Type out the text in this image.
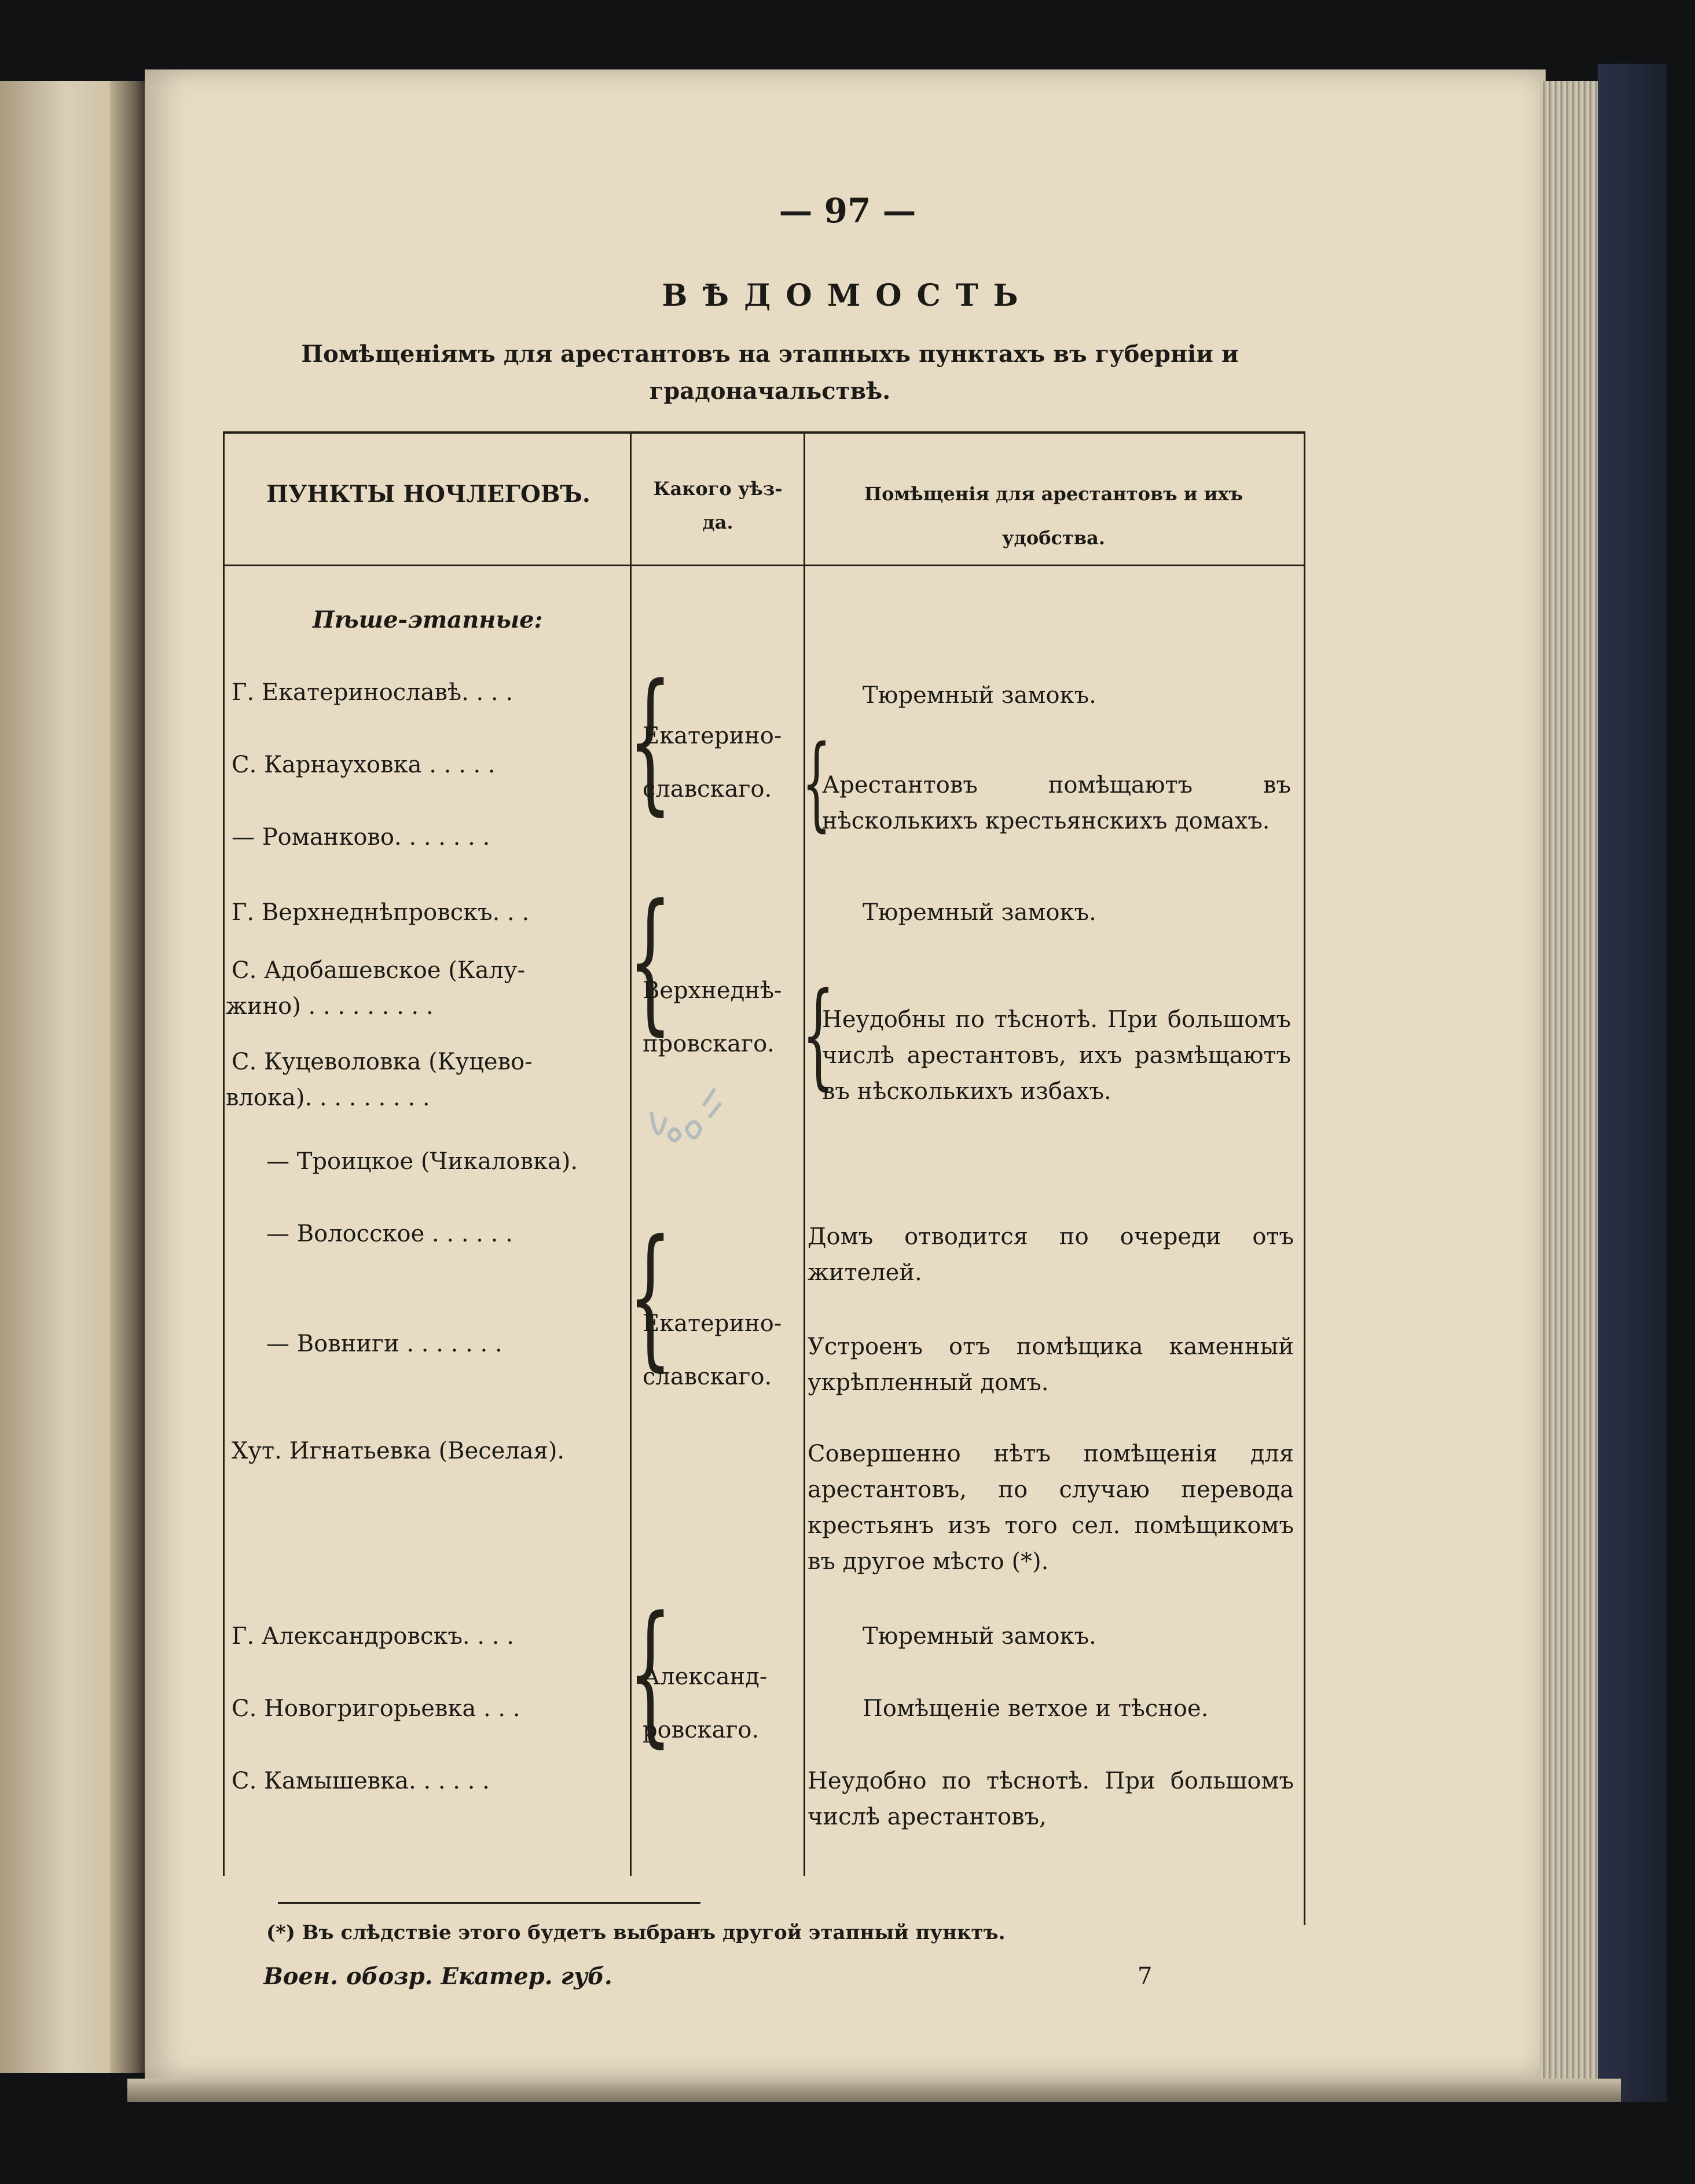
— 97 —
ВѢДОМОСТЬ
Помѣщеніямъ для арестантовъ на этапныхъ пунктахъ въ губерніи и градоначальствѣ.
ПУНКТЫ НОЧЛЕГОВЪ.	Какого уѣз-
да.
Помѣщенія для арестантовъ и ихъ
удобства.
Пѣше-этапные:
Г. Екатеринославѣ. . . .
С. Карнауховка . . . . .
— Романково. . . . . . .
Г. Верхнеднѣпровскъ. . .
С. Адобашевское (Калу-
жино) . . . . . . . . .
С. Куцеволовка (Куцево-
влока). . . . . . . . .
— Троицкое (Чикаловка).
— Волосское . . . . . .
— Вовниги . . . . . . .
Хут. Игнатьевка (Веселая).
Г. Александровскъ. . . .
С. Новогригорьевка . . .
С. Камышевка. . . . . .
{
{
{
{
{
{
Екатерино-
славскаго.
Верхнеднѣ-
провскаго.
Екатерино-
славскаго.
Александ-
ровскаго.
Тюремный замокъ.
Арестантовъ помѣщаютъ въ нѣсколькихъ крестьянскихъ домахъ.
Тюремный замокъ.
Неудобны по тѣснотѣ. При большомъ числѣ арестантовъ, ихъ размѣщаютъ въ нѣсколькихъ избахъ.
Домъ отводится по очереди отъ жителей.
Устроенъ отъ помѣщика каменный укрѣпленный домъ.
Совершенно нѣтъ помѣщенія для арестантовъ, по случаю перевода крестьянъ изъ того сел. помѣщикомъ въ другое мѣсто (*).
Тюремный замокъ.
Помѣщеніе ветхое и тѣсное.
Неудобно по тѣснотѣ. При большомъ числѣ арестантовъ,
(*) Въ слѣдствіе этого будетъ выбранъ другой этапный пунктъ.
Воен. обозр. Екатер. губ.	7
